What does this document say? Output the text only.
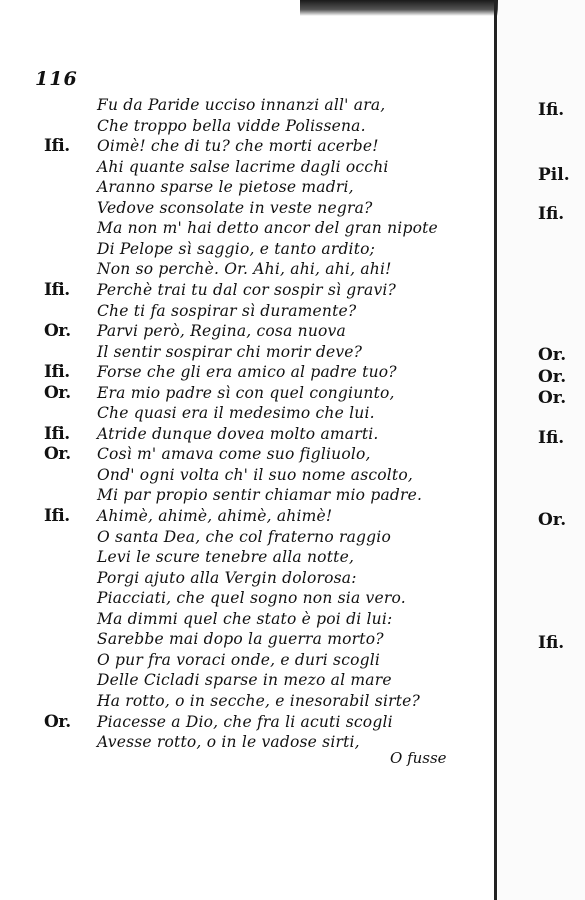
116
Fu da Paride ucciso innanzi all' ara,
Che troppo bella vidde Polissena.
Ifi. Oimè! che di tu? che morti acerbe!
Ahi quante salse lacrime dagli occhi
Aranno sparse le pietose madri,
Vedove sconsolate in veste negra?
Ma non m' hai detto ancor del gran nipote
Di Pelope sì saggio, e tanto ardito;
Non so perchè. Or. Ahi, ahi, ahi, ahi!
Ifi. Perchè trai tu dal cor sospir sì gravi?
Che ti fa sospirar sì duramente?
Or. Parvi però, Regina, cosa nuova
Il sentir sospirar chi morir deve?
Ifi. Forse che gli era amico al padre tuo?
Or. Era mio padre sì con quel congiunto,
Che quasi era il medesimo che lui.
Ifi. Atride dunque dovea molto amarti.
Or. Così m' amava come suo figliuolo,
Ond' ogni volta ch' il suo nome ascolto,
Mi par propio sentir chiamar mio padre.
Ifi. Ahimè, ahimè, ahimè, ahimè!
O santa Dea, che col fraterno raggio
Levi le scure tenebre alla notte,
Porgi ajuto alla Vergin dolorosa:
Piacciati, che quel sogno non sia vero.
Ma dimmi quel che stato è poi di lui:
Sarebbe mai dopo la guerra morto?
O pur fra voraci onde, e duri scogli
Delle Cicladi sparse in mezo al mare
Ha rotto, o in secche, e inesorabil sirte?
Or. Piacesse a Dio, che fra li acuti scogli
Avesse rotto, o in le vadose sirti,
O fusse
Ifi.
Pil.
Ifi.
Or.
Or.
Or.
Ifi.
Or.
Ifi.
